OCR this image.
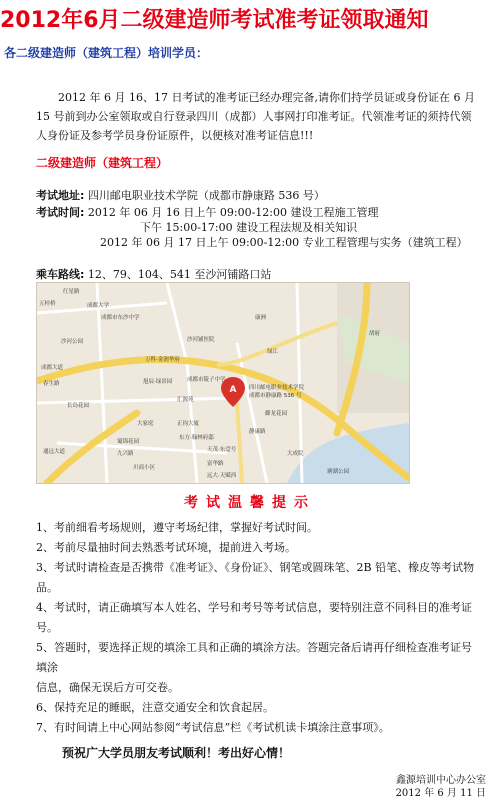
2012年6月二级建造师考试准考证领取通知
各二级建造师（建筑工程）培训学员：

2012 年 6 月 16、17 日考试的准考证已经办理完备,请你们持学员证或身份证在 6 月 15 号前到办公室领取或自行登录四川（成都）人事网打印准考证。代领准考证的须持代领人身份证及参考学员身份证原件，以便核对准考证信息!!!

二级建造师（建筑工程）
考试地址: 四川邮电职业技术学院（成都市静康路 536 号）
考试时间: 2012 年 06 月 16 日上午 09:00-12:00 建设工程施工管理
下午 15:00-17:00 建设工程法规及相关知识
2012 年 06 月 17 日上午 09:00-12:00 专业工程管理与实务（建筑工程）
乘车路线: 12、79、104、541 至沙河铺路口站
A
红星路
五桂桥	成都大学
成都市东沙中学
沙河公园
康洲
万科·金润华府
沙河铺医院
旭辰·绿景园
成都大道
春生路
长岛花园
汇源苑
四川邮电职业技术学院
成都市静康路 536 号
成都市陵子中学
正钧大厦
东方·翰林府邸
大家庭
静康路
天茂·东壹号
通远大道
蜀锦花园
九兴路
富华路
远大·天赋西
塘湖公园
大成院
御龙花园
川商小区
胡府
绿江
考试温馨提示
1、考前细看考场规则，遵守考场纪律，掌握好考试时间。
2、考前尽量抽时间去熟悉考试环境，提前进入考场。
3、考试时请检查是否携带《准考证》、《身份证》、钢笔或圆珠笔、2B 铅笔、橡皮等考试物品。
4、考试时，请正确填写本人姓名、学号和考号等考试信息，要特别注意不同科目的准考证号。
5、答题时，要选择正规的填涂工具和正确的填涂方法。答题完备后请再仔细检查准考证号填涂
信息，确保无误后方可交卷。
6、保持充足的睡眠，注意交通安全和饮食起居。
7、有时间请上中心网站参阅“考试信息”栏《考试机读卡填涂注意事项》。
预祝广大学员朋友考试顺利！考出好心情！
鑫源培训中心办公室
2012 年 6 月 11 日
